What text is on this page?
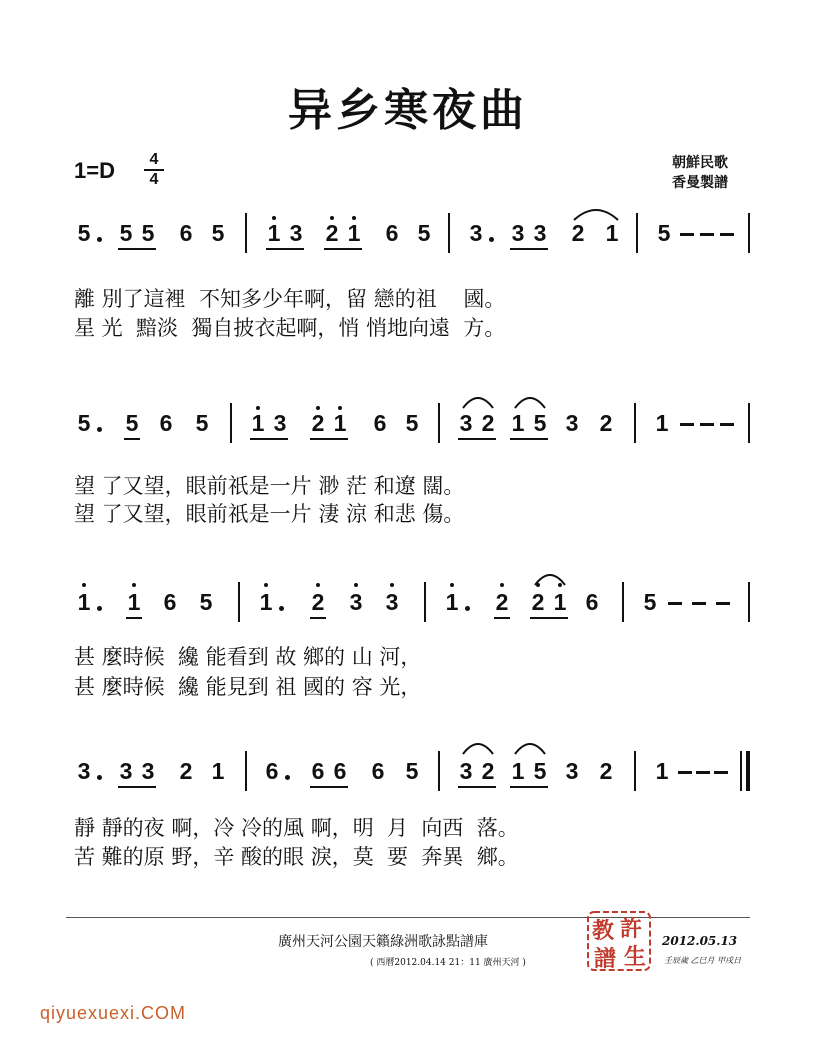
异乡寒夜曲
1=D	4
4
朝鮮民歌
香曼製譜
5 5 5 6 5 1 3 2 1 6 5 3 3 3 2 1 5
離 別了這裡  不知多少年啊，留 戀的祖    國。
星 光  黯淡  獨自披衣起啊，悄 悄地向遠  方。
5 5 6 5 1 3 2 1 6 5 3 2 1 5 3 2 1
望 了又望，眼前祇是一片 渺 茫 和遼 闊。
望 了又望，眼前祇是一片 淒 涼 和悲 傷。
1 1 6 5 1 2 3 3 1 2 2 1 6 5
甚 麼時候  纔 能看到 故 鄉的 山 河，
甚 麼時候  纔 能見到 祖 國的 容 光，
3 3 3 2 1 6 6 6 6 5 3 2 1 5 3 2 1
靜 靜的夜 啊，冷 冷的風 啊，明  月  向西  落。
苦 難的原 野，辛 酸的眼 淚，莫  要  奔異  鄉。
廣州天河公園天籟綠洲歌詠點譜庫
( 西曆2012.04.14 21：11 廣州天河 )
許
教
生
譜
2012.05.13
壬辰歲 乙巳月 甲戌日
qiyuexuexi.COM
